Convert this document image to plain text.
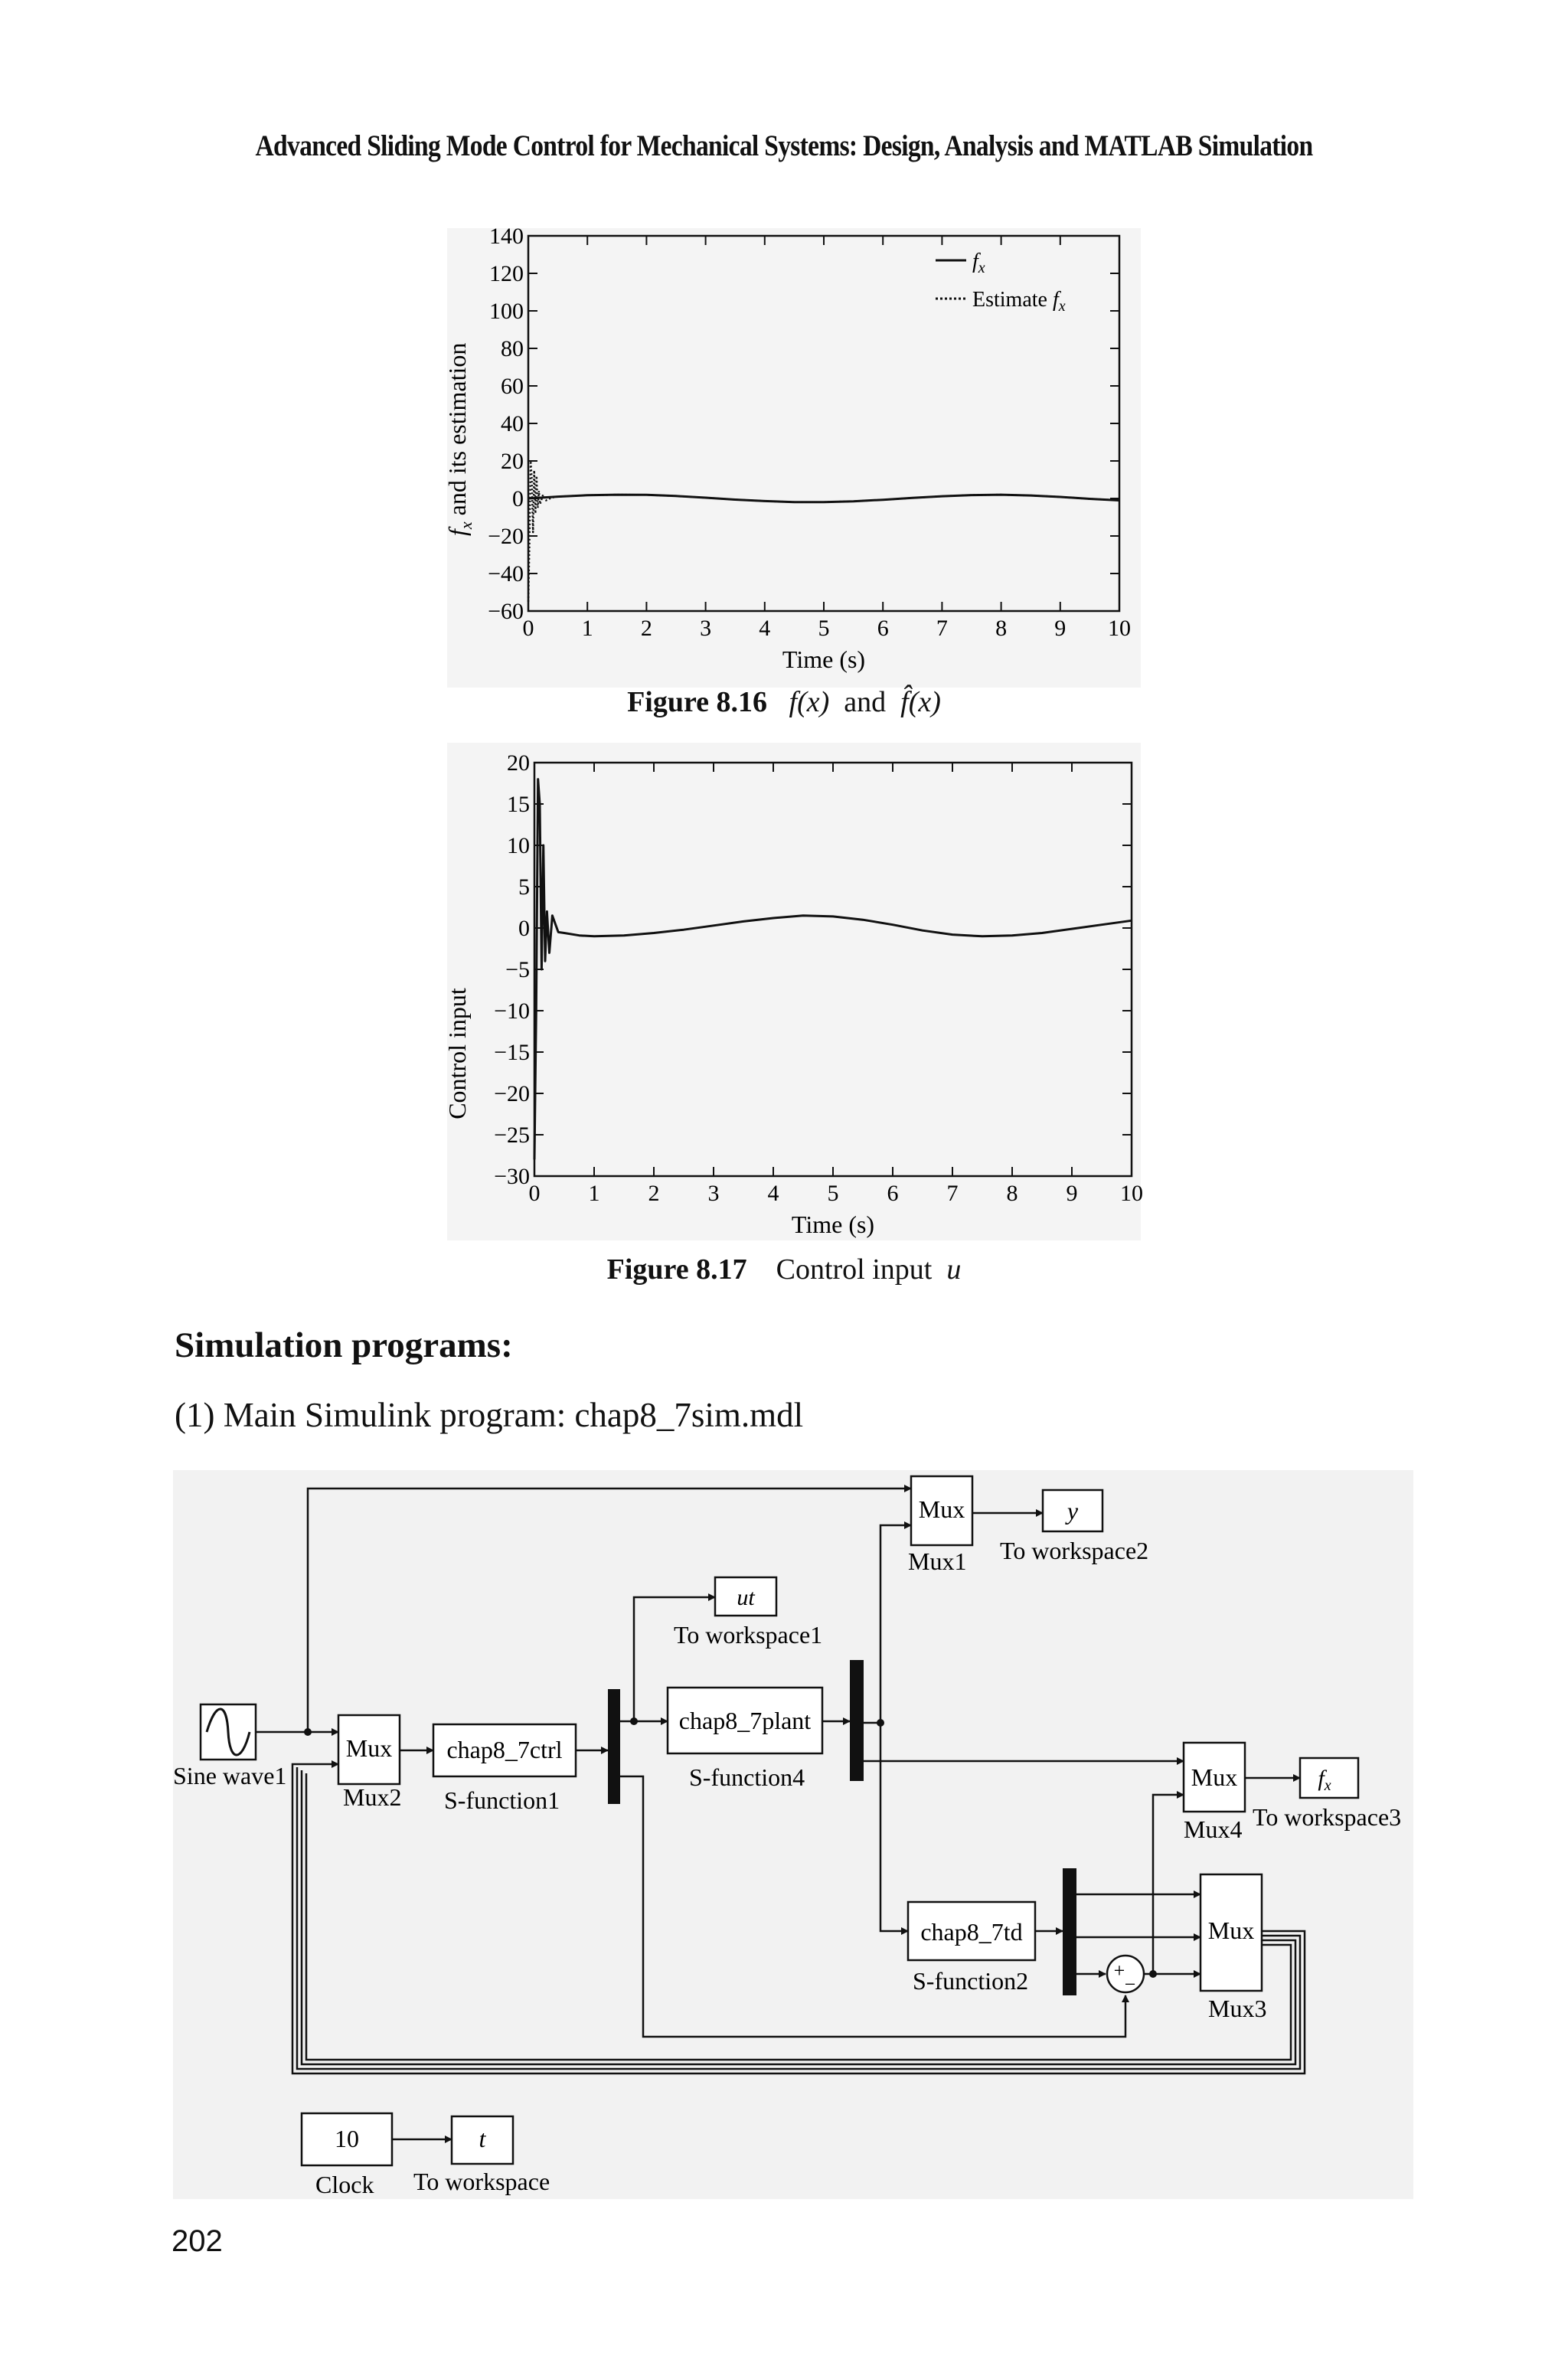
Advanced Sliding Mode Control for Mechanical Systems: Design, Analysis and MATLAB Simulation
0 1 2 3 4 5 6 7 8 9 10
140
120
100
80
60
40
20
0
−20
−40
−60
$f_x$
Estimate $f_x$
Time (s)
$f_x$ and its estimation
Figure 8.16 f(x) and f̂(x)
0 1 2 3 4 5 6 7 8 9 10
20
15
10
5
0
−5
−10
−15
−20
−25
−30
Time (s)
Control input
Figure 8.17 Control input u
Simulation programs:
(1) Main Simulink program: chap8_7sim.mdl
Sine wave1
Mux
Mux2
chap8_7ctrl
S-function1
ut
To workspace1
chap8_7plant
S-function4
Mux
Mux1
y
To workspace2
Mux
Mux4
$f_x$
To workspace3
chap8_7td
S-function2	+
−
Mux
Mux3
10
Clock
t
To workspace
202
